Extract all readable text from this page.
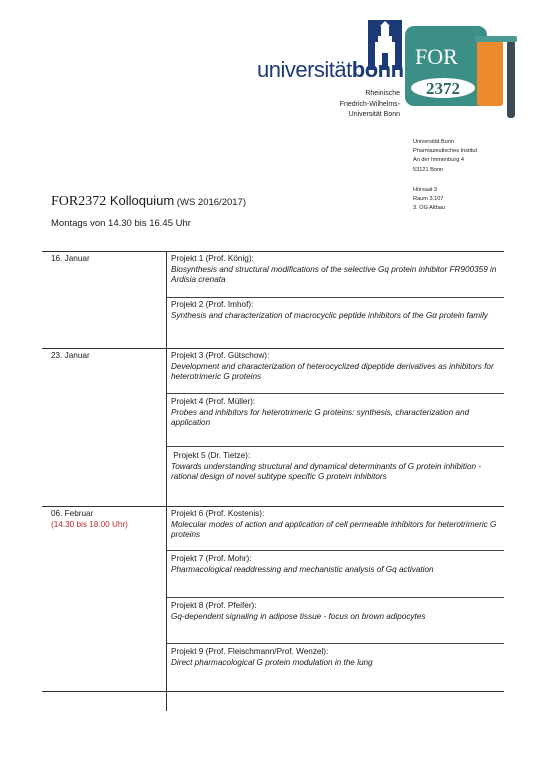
universitätbonn
Rheinische
Friedrich-Wilhelms-
Universität Bonn
FOR
2372
Universität Bonn
Pharmazeutisches Institut
An der Immenburg 4
53121 Bonn
Hörsaal 3
Raum 3.107
3. OG Altbau
FOR2372 Kolloquium (WS 2016/2017)
Montags von 14.30 bis 16.45 Uhr
16. Januar
23. Januar
06. Februar
(14.30 bis 18.00 Uhr)
Projekt 1 (Prof. König):
Biosynthesis and structural modifications of the selective Gq protein inhibitor FR900359 in Ardisia crenata
Projekt 2 (Prof. Imhof):
Synthesis and characterization of macrocyclic peptide inhibitors of the Gα protein family
Projekt 3 (Prof. Gütschow):
Development and characterization of heterocyclized dipeptide derivatives as inhibitors for heterotrimeric G proteins
Projekt 4 (Prof. Müller):
Probes and inhibitors for heterotrimeric G proteins: synthesis, characterization and application
Projekt 5 (Dr. Tietze):
Towards understanding structural and dynamical determinants of G protein inhibition - rational design of novel subtype specific G protein inhibitors
Projekt 6 (Prof. Kostenis):
Molecular modes of action and application of cell permeable inhibitors for heterotrimeric G proteins
Projekt 7 (Prof. Mohr):
Pharmacological readdressing and mechanistic analysis of Gq activation
Projekt 8 (Prof. Pfeifer):
Gq-dependent signaling in adipose tissue - focus on brown adipocytes
Projekt 9 (Prof. Fleischmann/Prof. Wenzel):
Direct pharmacological G protein modulation in the lung
